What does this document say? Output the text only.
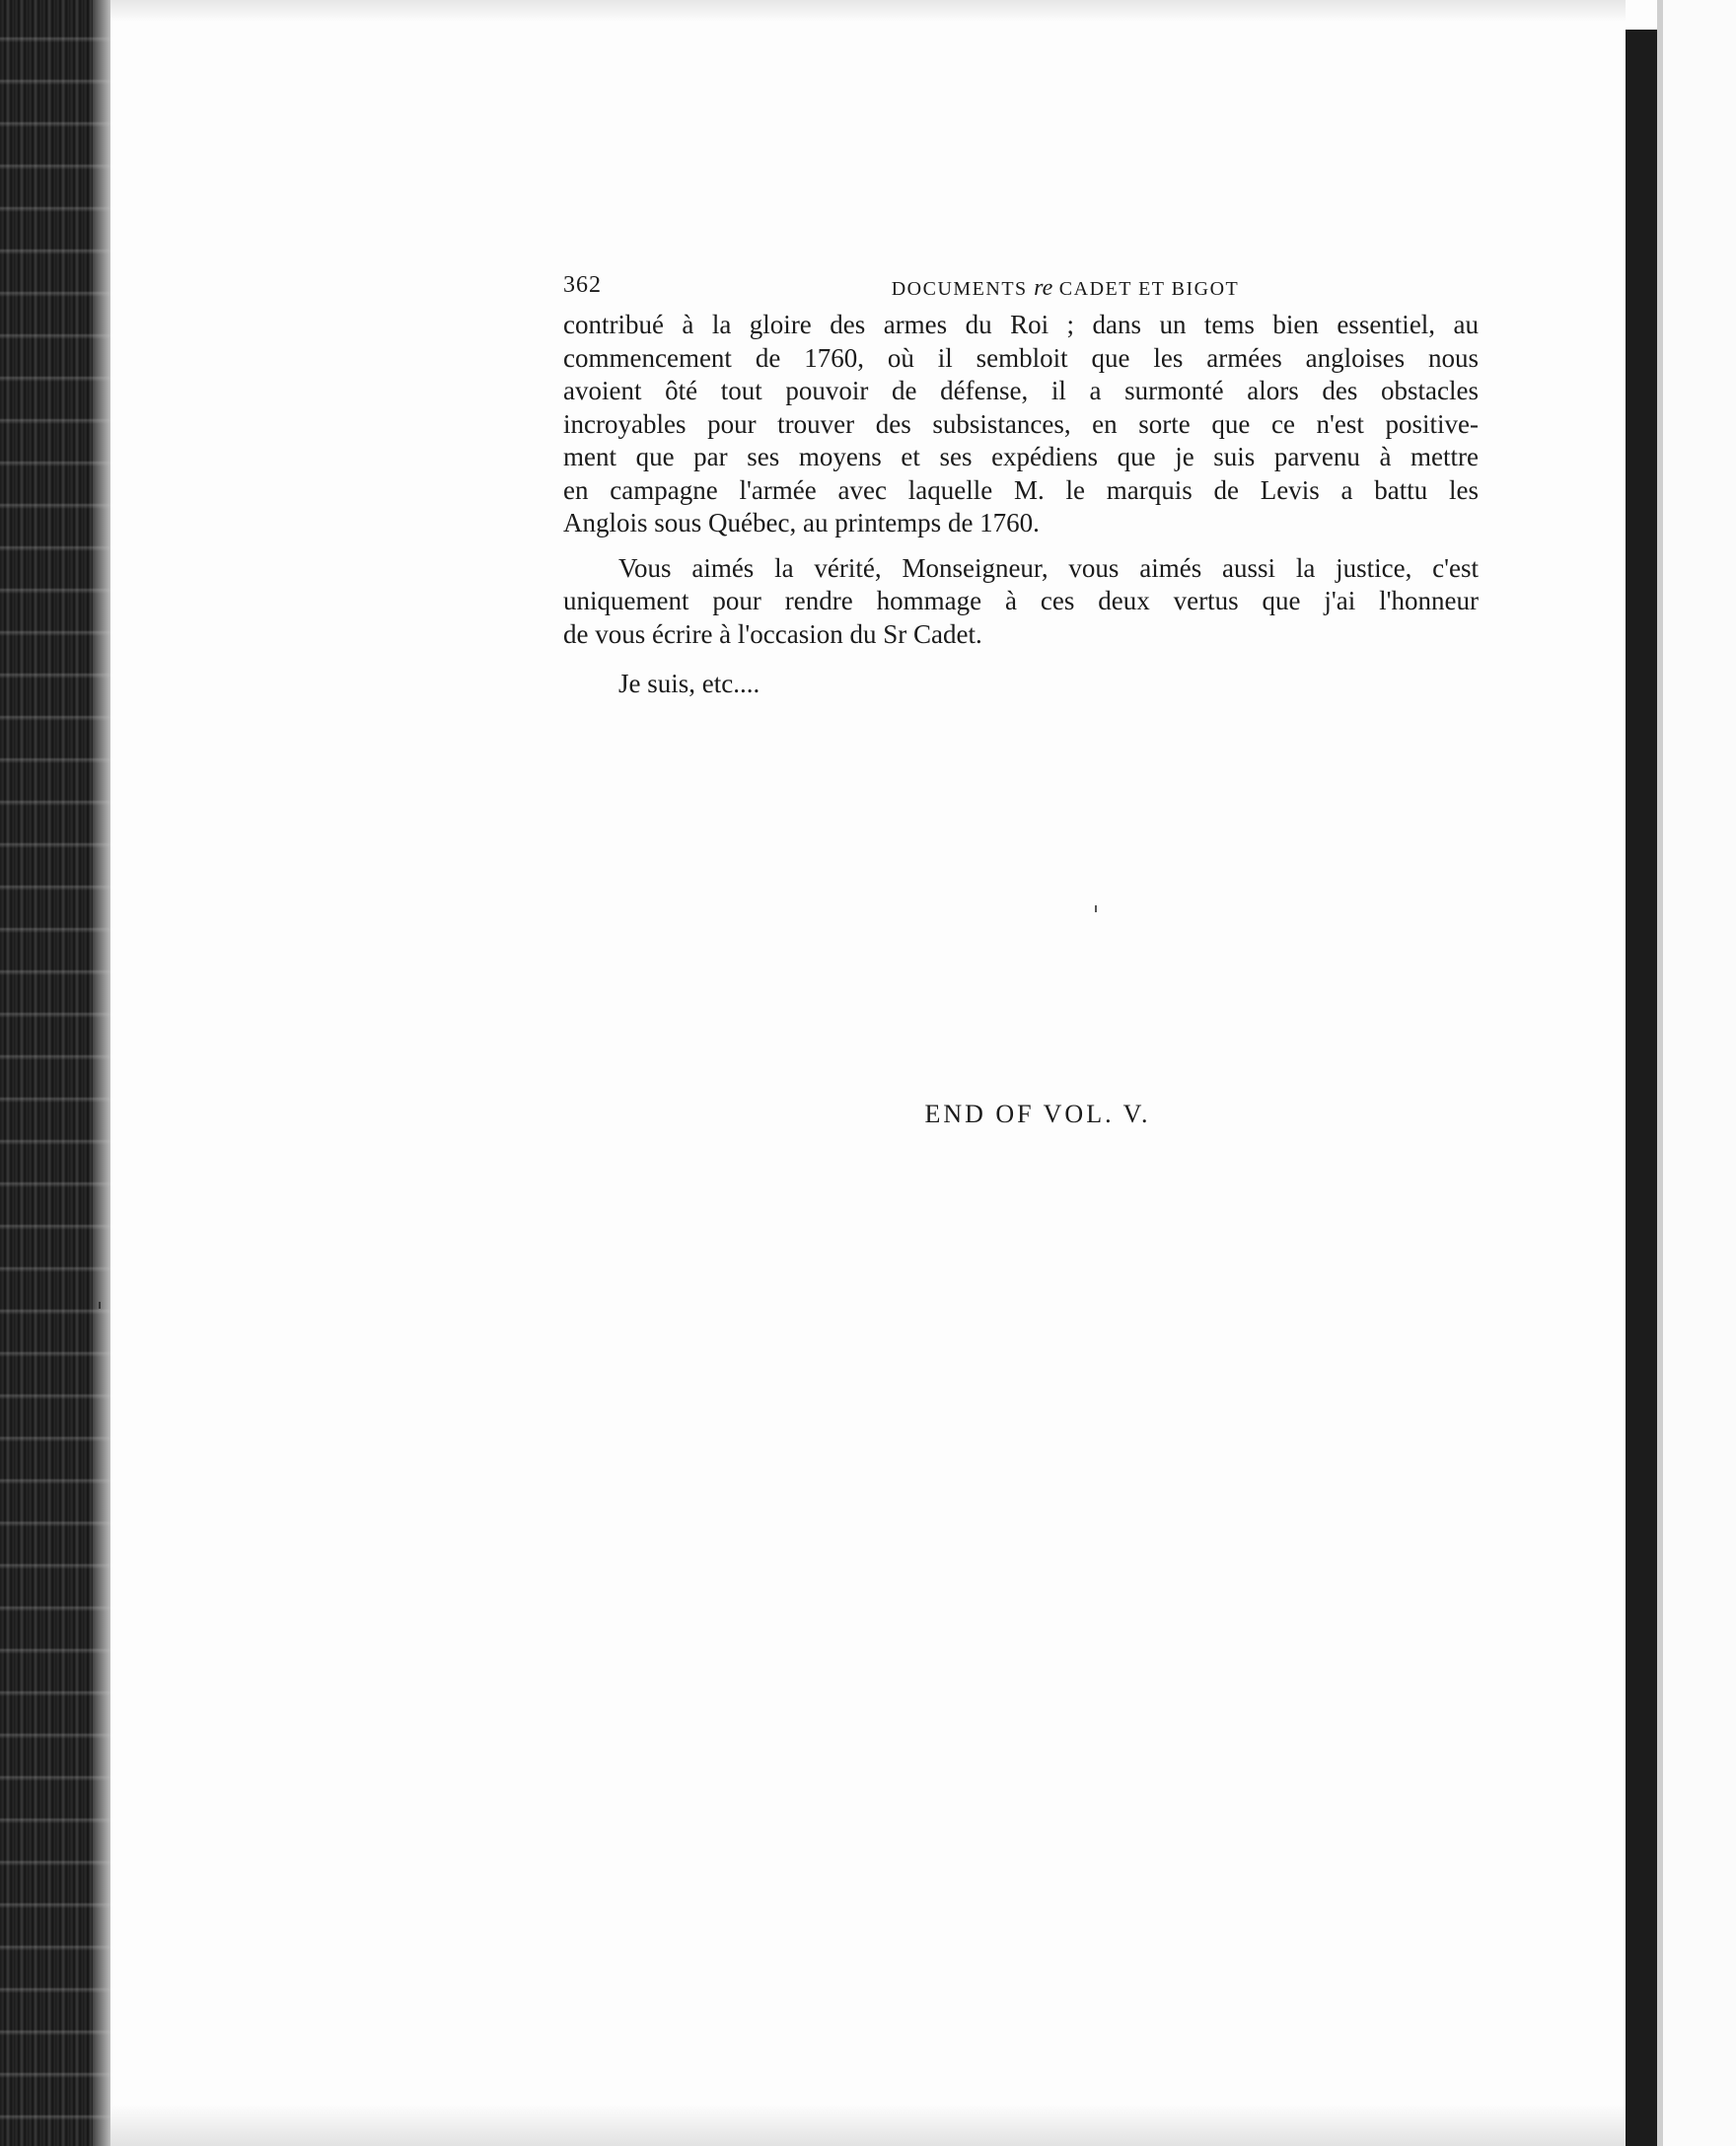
362	DOCUMENTS re CADET ET BIGOT

contribué à la gloire des armes du Roi ; dans un tems bien essentiel, au
commencement de 1760, où il sembloit que les armées angloises nous
avoient ôté tout pouvoir de défense, il a surmonté alors des obstacles
incroyables pour trouver des subsistances, en sorte que ce n'est positive-
ment que par ses moyens et ses expédiens que je suis parvenu à mettre
en campagne l'armée avec laquelle M. le marquis de Levis a battu les
Anglois sous Québec, au printemps de 1760.

Vous aimés la vérité, Monseigneur, vous aimés aussi la justice, c'est
uniquement pour rendre hommage à ces deux vertus que j'ai l'honneur
de vous écrire à l'occasion du Sr Cadet.

Je suis, etc....

END OF VOL. V.
